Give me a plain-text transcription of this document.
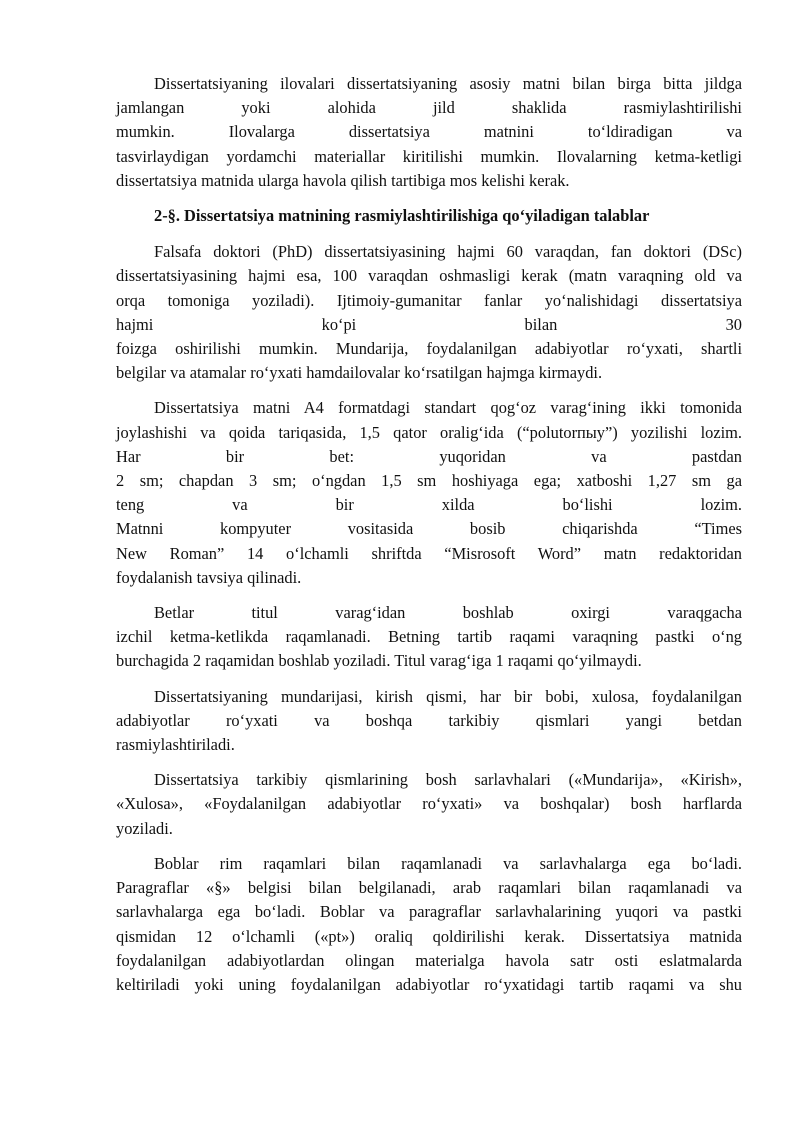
Dissertatsiyaning ilovalari dissertatsiyaning asosiy matni bilan birga bitta jildga
jamlangan yoki alohida jild shaklida rasmiylashtirilishi
mumkin. Ilovalarga dissertatsiya matnini to‘ldiradigan va
tasvirlaydigan yordamchi materiallar kiritilishi mumkin. Ilovalarning ketma-ketligi
dissertatsiya matnida ularga havola qilish tartibiga mos kelishi kerak.
2-§. Dissertatsiya matnining rasmiylashtirilishiga qo‘yiladigan talablar
Falsafa doktori (PhD) dissertatsiyasining hajmi 60 varaqdan, fan doktori (DSc)
dissertatsiyasining hajmi esa, 100 varaqdan oshmasligi kerak (matn varaqning old va
orqa tomoniga yoziladi). Ijtimoiy-gumanitar fanlar yo‘nalishidagi dissertatsiya
hajmi ko‘pi bilan 30
foizga oshirilishi mumkin. Mundarija, foydalanilgan adabiyotlar ro‘yxati, shartli
belgilar va atamalar ro‘yxati hamdailovalar ko‘rsatilgan hajmga kirmaydi.
Dissertatsiya matni A4 formatdagi standart qog‘oz varag‘ining ikki tomonida
joylashishi va qoida tariqasida, 1,5 qator oralig‘ida (“polutorпыy”) yozilishi lozim.
Har bir bet: yuqoridan va pastdan
2 sm; chapdan 3 sm; o‘ngdan 1,5 sm hoshiyaga ega; xatboshi 1,27 sm ga
teng va bir xilda bo‘lishi lozim.
Matnni kompyuter vositasida bosib chiqarishda “Times
New Roman” 14 o‘lchamli shriftda “Misrosoft Word” matn redaktoridan
foydalanish tavsiya qilinadi.
Betlar titul varag‘idan boshlab oxirgi varaqgacha
izchil ketma-ketlikda raqamlanadi. Betning tartib raqami varaqning pastki o‘ng
burchagida 2 raqamidan boshlab yoziladi. Titul varag‘iga 1 raqami qo‘yilmaydi.
Dissertatsiyaning mundarijasi, kirish qismi, har bir bobi, xulosa, foydalanilgan
adabiyotlar ro‘yxati va boshqa tarkibiy qismlari yangi betdan
rasmiylashtiriladi.
Dissertatsiya tarkibiy qismlarining bosh sarlavhalari («Mundarija», «Kirish»,
«Xulosa», «Foydalanilgan adabiyotlar ro‘yxati» va boshqalar) bosh harflarda
yoziladi.
Boblar rim raqamlari bilan raqamlanadi va sarlavhalarga ega bo‘ladi.
Paragraflar «§» belgisi bilan belgilanadi, arab raqamlari bilan raqamlanadi va
sarlavhalarga ega bo‘ladi. Boblar va paragraflar sarlavhalarining yuqori va pastki
qismidan 12 o‘lchamli («pt») oraliq qoldirilishi kerak. Dissertatsiya matnida
foydalanilgan adabiyotlardan olingan materialga havola satr osti eslatmalarda
keltiriladi yoki uning foydalanilgan adabiyotlar ro‘yxatidagi tartib raqami va shu
